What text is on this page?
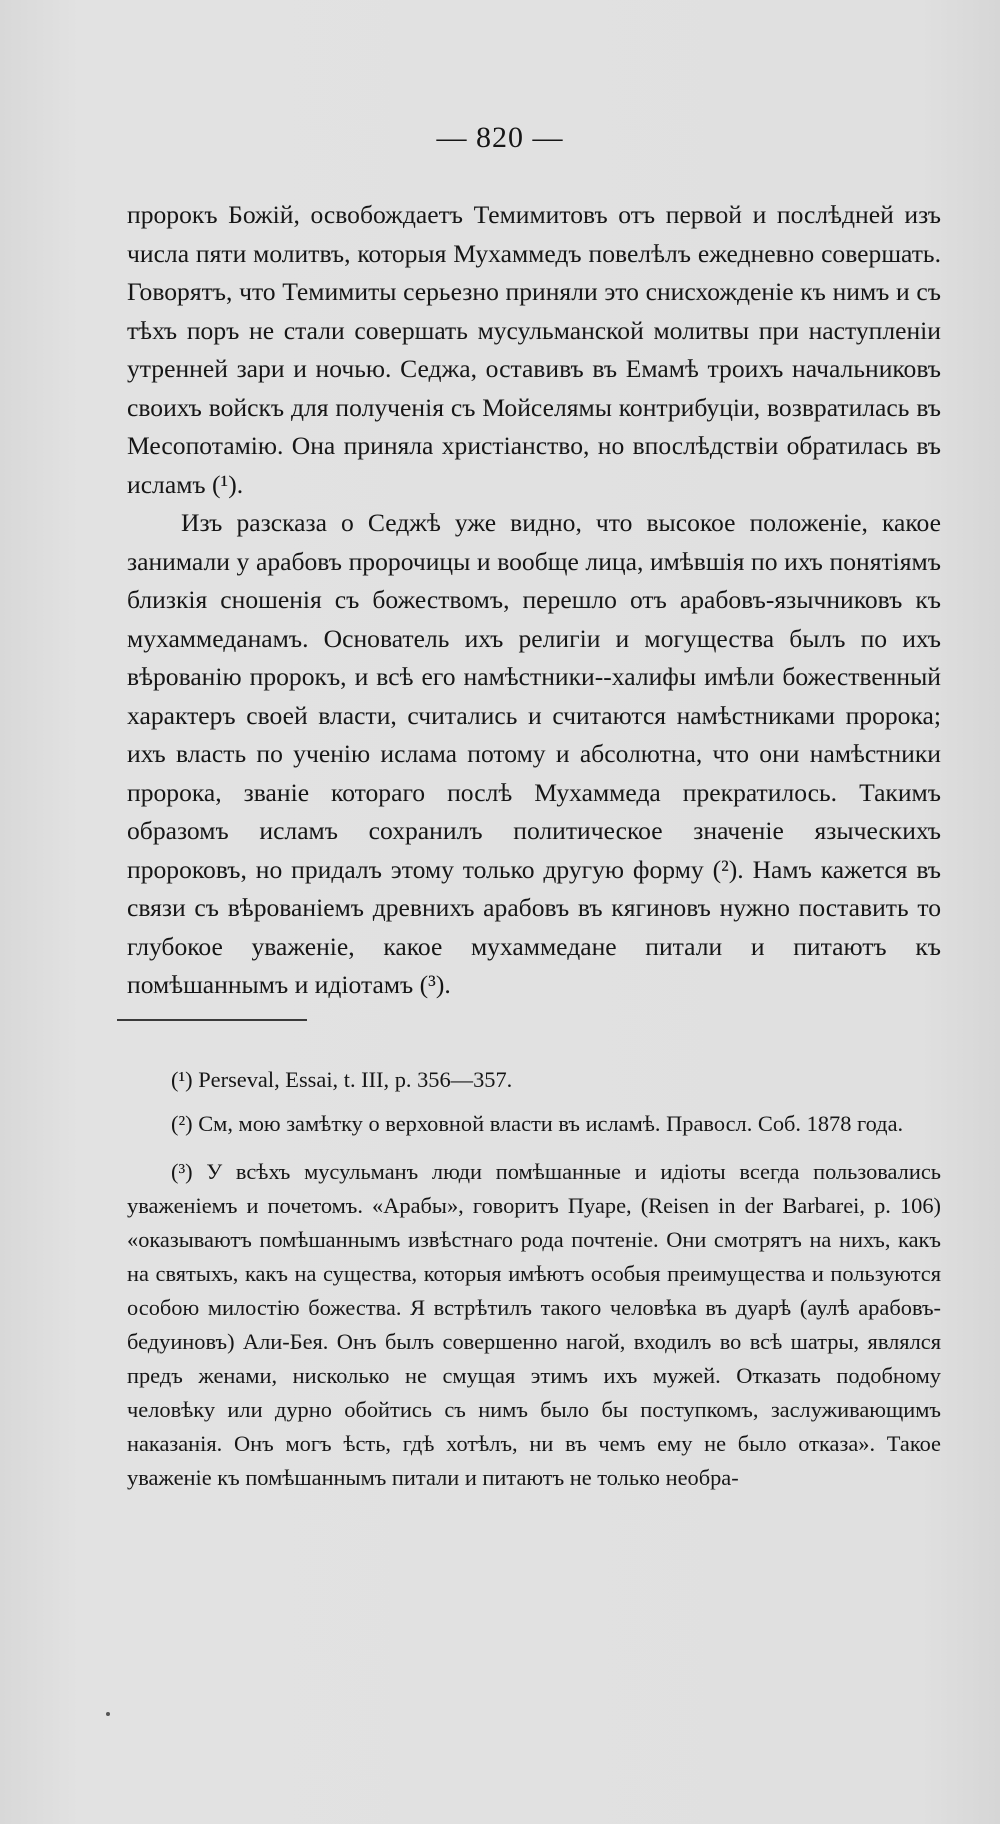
— 820 —

пророкъ Божій, освобождаетъ Темимитовъ отъ первой и послѣдней изъ числа пяти молитвъ, которыя Мухаммедъ повелѣлъ ежедневно совершать. Говорятъ, что Темимиты серьезно приняли это снисхожденіе къ нимъ и съ тѣхъ поръ не стали совершать мусульманской молитвы при наступленіи утренней зари и ночью. Седжа, оставивъ въ Емамѣ троихъ начальниковъ своихъ войскъ для полученія съ Мойселямы контрибуціи, возвратилась въ Месопотамію. Она приняла христіанство, но впослѣдствіи обратилась въ исламъ (¹).

Изъ разсказа о Седжѣ уже видно, что высокое положеніе, какое занимали у арабовъ пророчицы и вообще лица, имѣвшія по ихъ понятіямъ близкія сношенія съ божествомъ, перешло отъ арабовъ-язычниковъ къ мухаммеданамъ. Основатель ихъ религіи и могущества былъ по ихъ вѣрованію пророкъ, и всѣ его намѣстники--халифы имѣли божественный характеръ своей власти, считались и считаются намѣстниками пророка; ихъ власть по ученію ислама потому и абсолютна, что они намѣстники пророка, званіе котораго послѣ Мухаммеда прекратилось. Такимъ образомъ исламъ сохранилъ политическое значеніе языческихъ пророковъ, но придалъ этому только другую форму (²). Намъ кажется въ связи съ вѣрованіемъ древнихъ арабовъ въ кягиновъ нужно поставить то глубокое уваженіе, какое мухаммедане питали и питаютъ къ помѣшаннымъ и идіотамъ (³).

(¹) Perseval, Essai, t. III, p. 356—357.

(²) См, мою замѣтку о верховной власти въ исламѣ. Правосл. Соб. 1878 года.

(³) У всѣхъ мусульманъ люди помѣшанные и идіоты всегда пользовались уваженіемъ и почетомъ. «Арабы», говоритъ Пуаре, (Reisen in der Barbarei, p. 106) «оказываютъ помѣшаннымъ извѣстнаго рода почтеніе. Они смотрятъ на нихъ, какъ на святыхъ, какъ на существа, которыя имѣютъ особыя преимущества и пользуются особою милостію божества. Я встрѣтилъ такого человѣка въ дуарѣ (аулѣ арабовъ-бедуиновъ) Али-Бея. Онъ былъ совершенно нагой, входилъ во всѣ шатры, являлся предъ женами, нисколько не смущая этимъ ихъ мужей. Отказать подобному человѣку или дурно обойтись съ нимъ было бы поступкомъ, заслуживающимъ наказанія. Онъ могъ ѣсть, гдѣ хотѣлъ, ни въ чемъ ему не было отказа». Такое уваженіе къ помѣшаннымъ питали и питаютъ не только необра-
